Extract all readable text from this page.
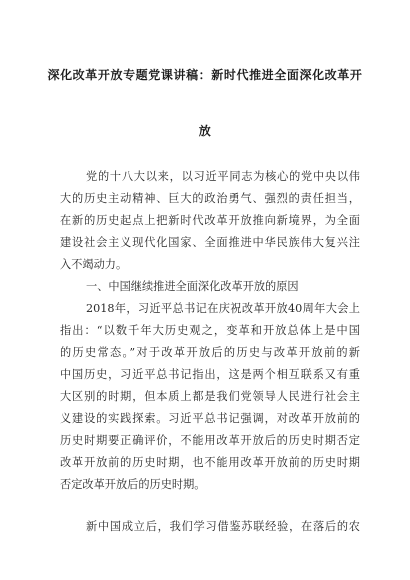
深化改革开放专题党课讲稿：新时代推进全面深化改革开
放
党的十八大以来，以习近平同志为核心的党中央以伟
大的历史主动精神、巨大的政治勇气、强烈的责任担当，
在新的历史起点上把新时代改革开放推向新境界，为全面
建设社会主义现代化国家、全面推进中华民族伟大复兴注
入不竭动力。
一、中国继续推进全面深化改革开放的原因
2018年，习近平总书记在庆祝改革开放40周年大会上
指出：“以数千年大历史观之，变革和开放总体上是中国
的历史常态。”对于改革开放后的历史与改革开放前的新
中国历史，习近平总书记指出，这是两个相互联系又有重
大区别的时期，但本质上都是我们党领导人民进行社会主
义建设的实践探索。习近平总书记强调，对改革开放前的
历史时期要正确评价，不能用改革开放后的历史时期否定
改革开放前的历史时期，也不能用改革开放前的历史时期
否定改革开放后的历史时期。
新中国成立后，我们学习借鉴苏联经验，在落后的农
